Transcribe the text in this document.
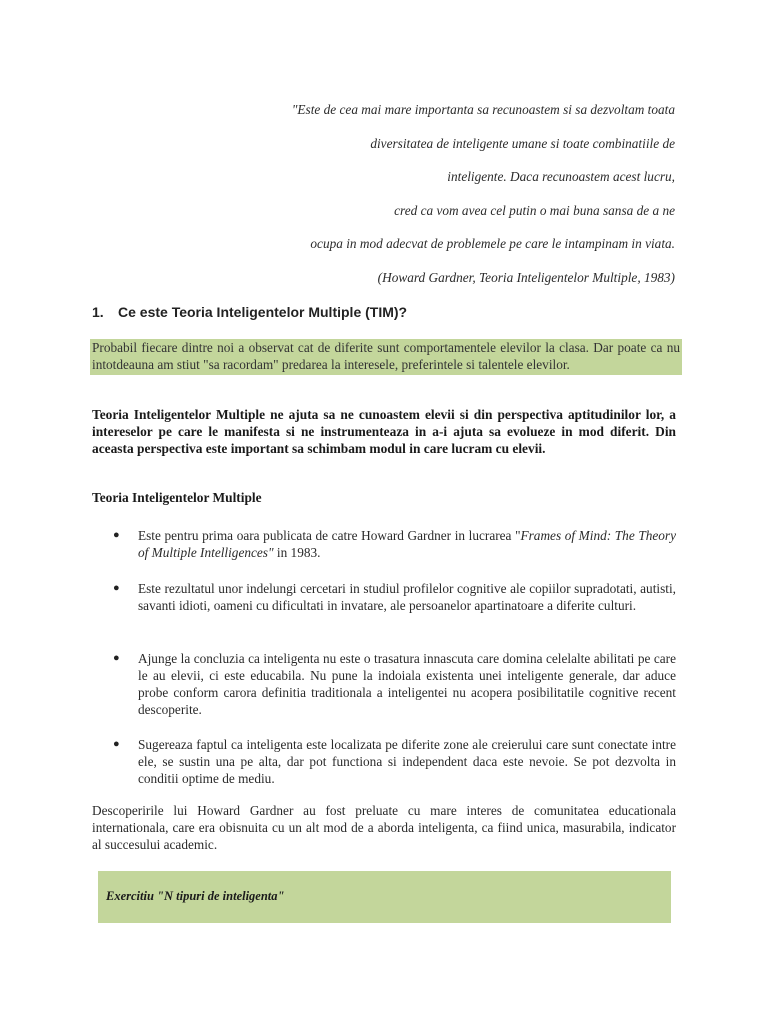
"Este de cea mai mare importanta sa recunoastem si sa dezvoltam toata

diversitatea de inteligente umane si toate combinatiile de

inteligente. Daca recunoastem acest lucru,

cred ca vom avea cel putin o mai buna sansa de a ne

ocupa in mod adecvat de problemele pe care le intampinam in viata.

(Howard Gardner, Teoria Inteligentelor Multiple, 1983)

1. Ce este Teoria Inteligentelor Multiple (TIM)?
Probabil fiecare dintre noi a observat cat de diferite sunt comportamentele elevilor la clasa. Dar poate ca nu intotdeauna am stiut "sa racordam" predarea la interesele, preferintele si talentele elevilor.
Teoria Inteligentelor Multiple ne ajuta sa ne cunoastem elevii si din perspectiva aptitudinilor lor, a intereselor pe care le manifesta si ne instrumenteaza in a-i ajuta sa evolueze in mod diferit. Din aceasta perspectiva este important sa schimbam modul in care lucram cu elevii.
Teoria Inteligentelor Multiple
● Este pentru prima oara publicata de catre Howard Gardner in lucrarea "Frames of Mind: The Theory of Multiple Intelligences" in 1983.
● Este rezultatul unor indelungi cercetari in studiul profilelor cognitive ale copiilor supradotati, autisti, savanti idioti, oameni cu dificultati in invatare, ale persoanelor apartinatoare a diferite culturi.
● Ajunge la concluzia ca inteligenta nu este o trasatura innascuta care domina celelalte abilitati pe care le au elevii, ci este educabila. Nu pune la indoiala existenta unei inteligente generale, dar aduce probe conform carora definitia traditionala a inteligentei nu acopera posibilitatile cognitive recent descoperite.
● Sugereaza faptul ca inteligenta este localizata pe diferite zone ale creierului care sunt conectate intre ele, se sustin una pe alta, dar pot functiona si independent daca este nevoie. Se pot dezvolta in conditii optime de mediu.
Descoperirile lui Howard Gardner au fost preluate cu mare interes de comunitatea educationala internationala, care era obisnuita cu un alt mod de a aborda inteligenta, ca fiind unica, masurabila, indicator al succesului academic.
Exercitiu "N tipuri de inteligenta"
